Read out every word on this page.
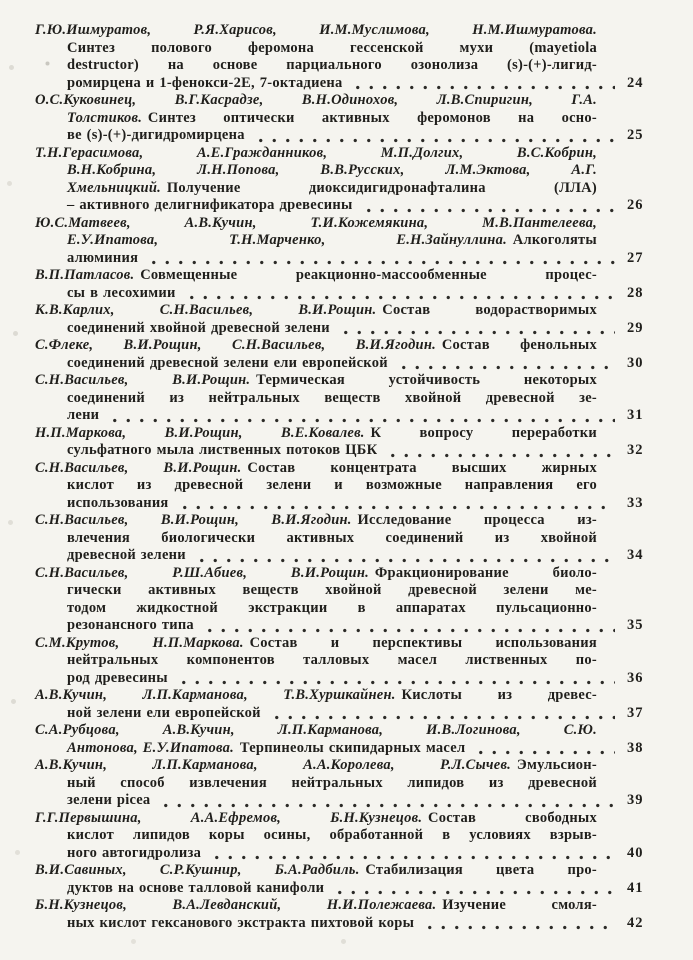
Г.Ю.Ишмуратов, Р.Я.Харисов, И.М.Муслимова, Н.М.Ишмуратова.
Синтез полового феромона гессенской мухи (mayetiola
destructor) на основе парциального озонолиза (s)-(+)-лигид-
ромирцена и 1-фенокси-2Е, 7-октадиена	24
О.С.Куковинец, В.Г.Касрадзе, В.Н.Одинохов, Л.В.Спиригин, Г.А.
Толстиков. Синтез оптически активных феромонов на осно-
ве (s)-(+)-дигидромирцена	25
Т.Н.Герасимова, А.Е.Гражданников, М.П.Долгих, В.С.Кобрин,
В.Н.Кобрина, Л.Н.Попова, В.В.Русских, Л.М.Эктова, А.Г.
Хмельницкий. Получение диоксидигидронафталина (ЛЛА)
– активного делигнификатора древесины	26
Ю.С.Матвеев, А.В.Кучин, Т.И.Кожемякина, М.В.Пантелеева,
Е.У.Ипатова, Т.Н.Марченко, Е.Н.Зайнуллина. Алкоголяты
алюминия	27
В.П.Патласов. Совмещенные реакционно-массообменные процес-
сы в лесохимии	28
К.В.Карлих, С.Н.Васильев, В.И.Рощин. Состав водорастворимых
соединений хвойной древесной зелени	29
С.Флеке, В.И.Рощин, С.Н.Васильев, В.И.Ягодин. Состав фенольных
соединений древесной зелени ели европейской	30
С.Н.Васильев, В.И.Рощин. Термическая устойчивость некоторых
соединений из нейтральных веществ хвойной древесной зе-
лени	31
Н.П.Маркова, В.И.Рощин, В.Е.Ковалев. К вопросу переработки
сульфатного мыла лиственных потоков ЦБК	32
С.Н.Васильев, В.И.Рощин. Состав концентрата высших жирных
кислот из древесной зелени и возможные направления его
использования	33
С.Н.Васильев, В.И.Рощин, В.И.Ягодин. Исследование процесса из-
влечения биологически активных соединений из хвойной
древесной зелени	34
С.Н.Васильев, Р.Ш.Абиев, В.И.Рощин. Фракционирование биоло-
гически активных веществ хвойной древесной зелени ме-
тодом жидкостной экстракции в аппаратах пульсационно-
резонансного типа	35
С.М.Крутов, Н.П.Маркова. Состав и перспективы использования
нейтральных компонентов талловых масел лиственных по-
род древесины	36
А.В.Кучин, Л.П.Карманова, Т.В.Хуршкайнен. Кислоты из древес-
ной зелени ели европейской	37
С.А.Рубцова, А.В.Кучин, Л.П.Карманова, И.В.Логинова, С.Ю.
Антонова, Е.У.Ипатова. Терпинеолы скипидарных масел	38
А.В.Кучин, Л.П.Карманова, А.А.Королева, Р.Л.Сычев. Эмульсион-
ный способ извлечения нейтральных липидов из древесной
зелени picea	39
Г.Г.Первышина, А.А.Ефремов, Б.Н.Кузнецов. Состав свободных
кислот липидов коры осины, обработанной в условиях взрыв-
ного автогидролиза	40
В.И.Савиных, С.Р.Кушнир, Б.А.Радбиль. Стабилизация цвета про-
дуктов на основе талловой канифоли	41
Б.Н.Кузнецов, В.А.Левданский, Н.И.Полежаева. Изучение смоля-
ных кислот гексанового экстракта пихтовой коры	42
